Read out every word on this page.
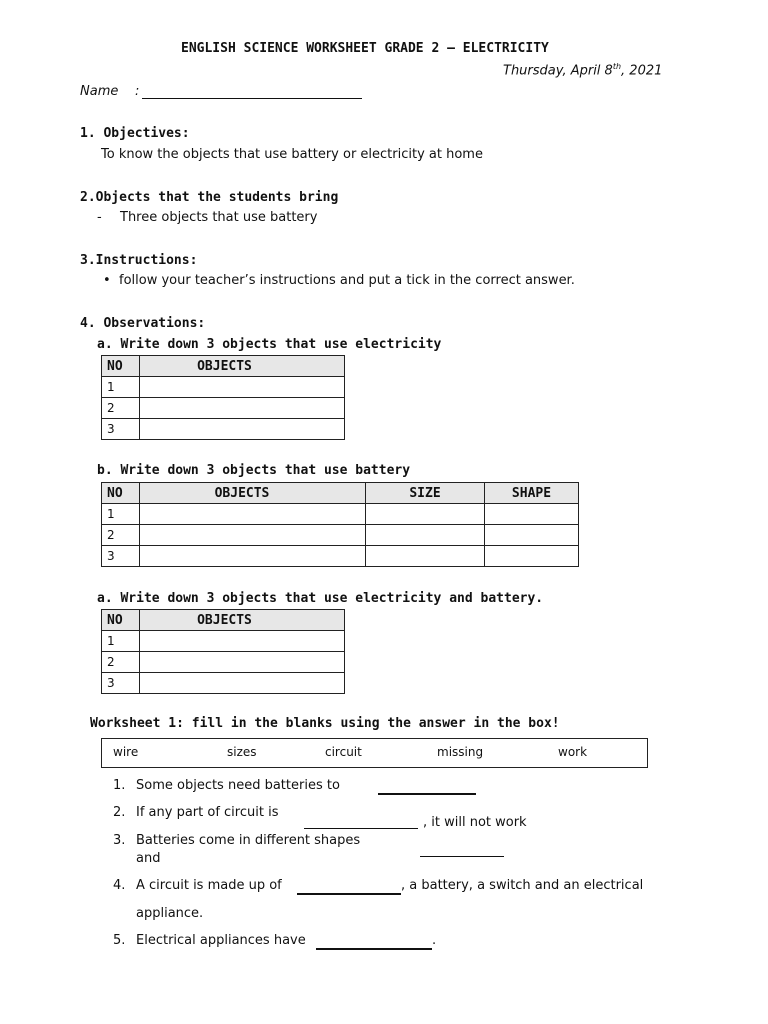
ENGLISH SCIENCE WORKSHEET GRADE 2 – ELECTRICITY
Thursday, April 8th, 2021
Name :
1. Objectives:
To know the objects that use battery or electricity at home
2.Objects that the students bring
- Three objects that use battery
3.Instructions:
• follow your teacher’s instructions and put a tick in the correct answer.
4. Observations:
a. Write down 3 objects that use electricity
NO	OBJECTS
1	
2	
3	
b. Write down 3 objects that use battery
NO	OBJECTS	SIZE	SHAPE
1			
2			
3			
a. Write down 3 objects that use electricity and battery.
NO	OBJECTS
1	
2	
3	
Worksheet 1: fill in the blanks using the answer in the box!
wire	sizes	circuit	missing	work
1. Some objects need batteries to
2. If any part of circuit is
, it will not work
3. Batteries come in different shapes
and
4. A circuit is made up of	, a battery, a switch and an electrical
appliance.
5. Electrical appliances have	.
